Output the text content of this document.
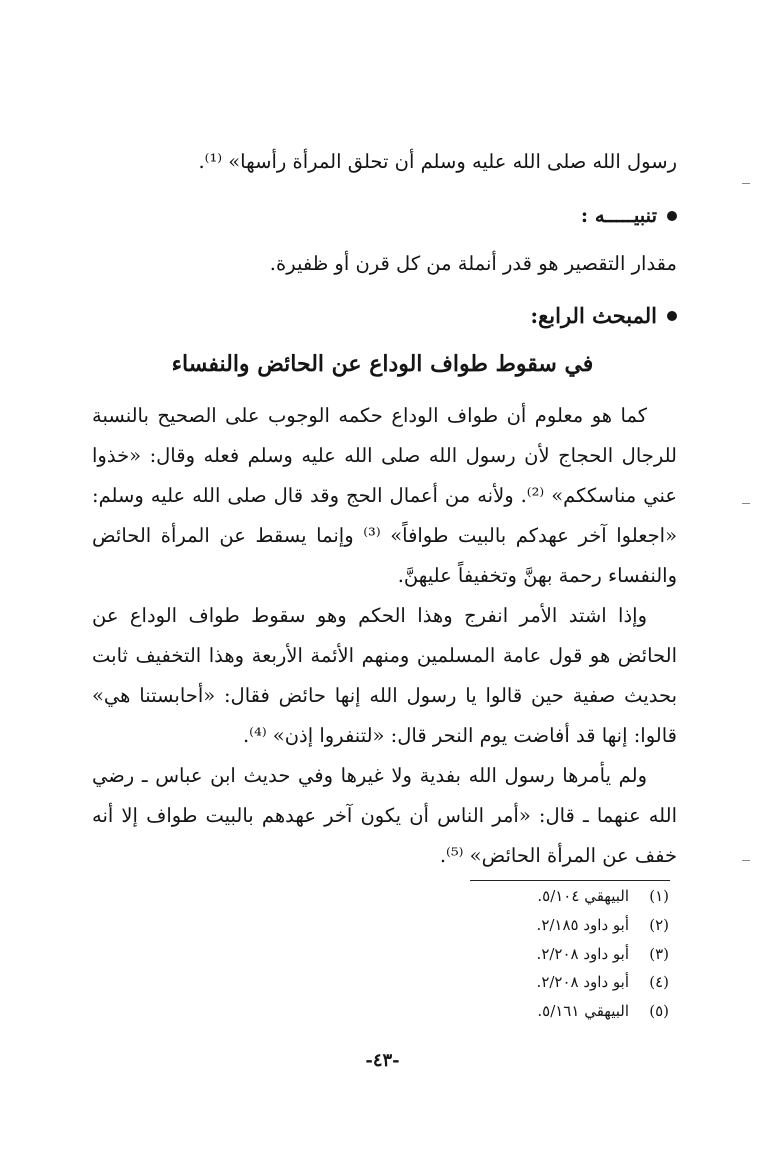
رسول الله صلى الله عليه وسلم أن تحلق المرأة رأسها» ⁽¹⁾.
تنبيـــــه :
مقدار التقصير هو قدر أنملة من كل قرن أو ظفيرة.
المبحث الرابع:
في سقوط طواف الوداع عن الحائض والنفساء

كما هو معلوم أن طواف الوداع حكمه الوجوب على الصحيح بالنسبة للرجال الحجاج لأن رسول الله صلى الله عليه وسلم فعله وقال: «خذوا عني مناسككم» ⁽²⁾. ولأنه من أعمال الحج وقد قال صلى الله عليه وسلم: «اجعلوا آخر عهدكم بالبيت طوافاً» ⁽³⁾ وإنما يسقط عن المرأة الحائض والنفساء رحمة بهنَّ وتخفيفاً عليهنَّ.

وإذا اشتد الأمر انفرج وهذا الحكم وهو سقوط طواف الوداع عن الحائض هو قول عامة المسلمين ومنهم الأئمة الأربعة وهذا التخفيف ثابت بحديث صفية حين قالوا يا رسول الله إنها حائض فقال: «أحابستنا هي» قالوا: إنها قد أفاضت يوم النحر قال: «لتنفروا إذن» ⁽⁴⁾.

ولم يأمرها رسول الله بفدية ولا غيرها وفي حديث ابن عباس ـ رضي الله عنهما ـ قال: «أمر الناس أن يكون آخر عهدهم بالبيت طواف إلا أنه خفف عن المرأة الحائض» ⁽⁵⁾.

(١)
البيهقي ٥/١٠٤.
(٢)
أبو داود ٢/١٨٥.
(٣)
أبو داود ٢/٢٠٨.
(٤)
أبو داود ٢/٢٠٨.
(٥)
البيهقي ٥/١٦١.
-٤٣-
